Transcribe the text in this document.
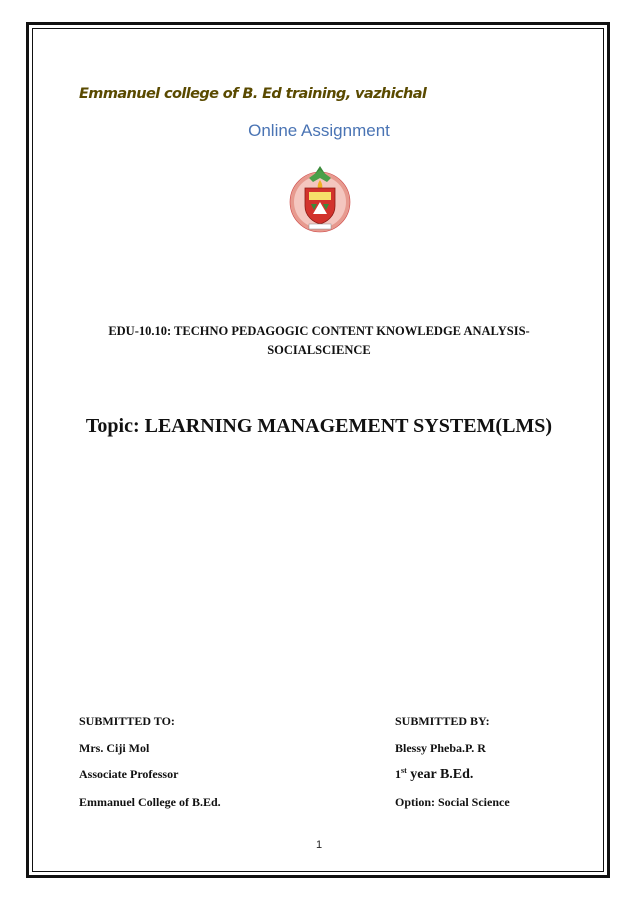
Emmanuel college of B. Ed training, vazhichal
Online Assignment
EDU-10.10: TECHNO PEDAGOGIC CONTENT KNOWLEDGE ANALYSIS-
SOCIALSCIENCE
Topic: LEARNING MANAGEMENT SYSTEM(LMS)
SUBMITTED TO:
Mrs. Ciji Mol
Associate Professor
Emmanuel College of B.Ed.
SUBMITTED BY:
Blessy Pheba.P. R
1st year B.Ed.
Option: Social Science
1
